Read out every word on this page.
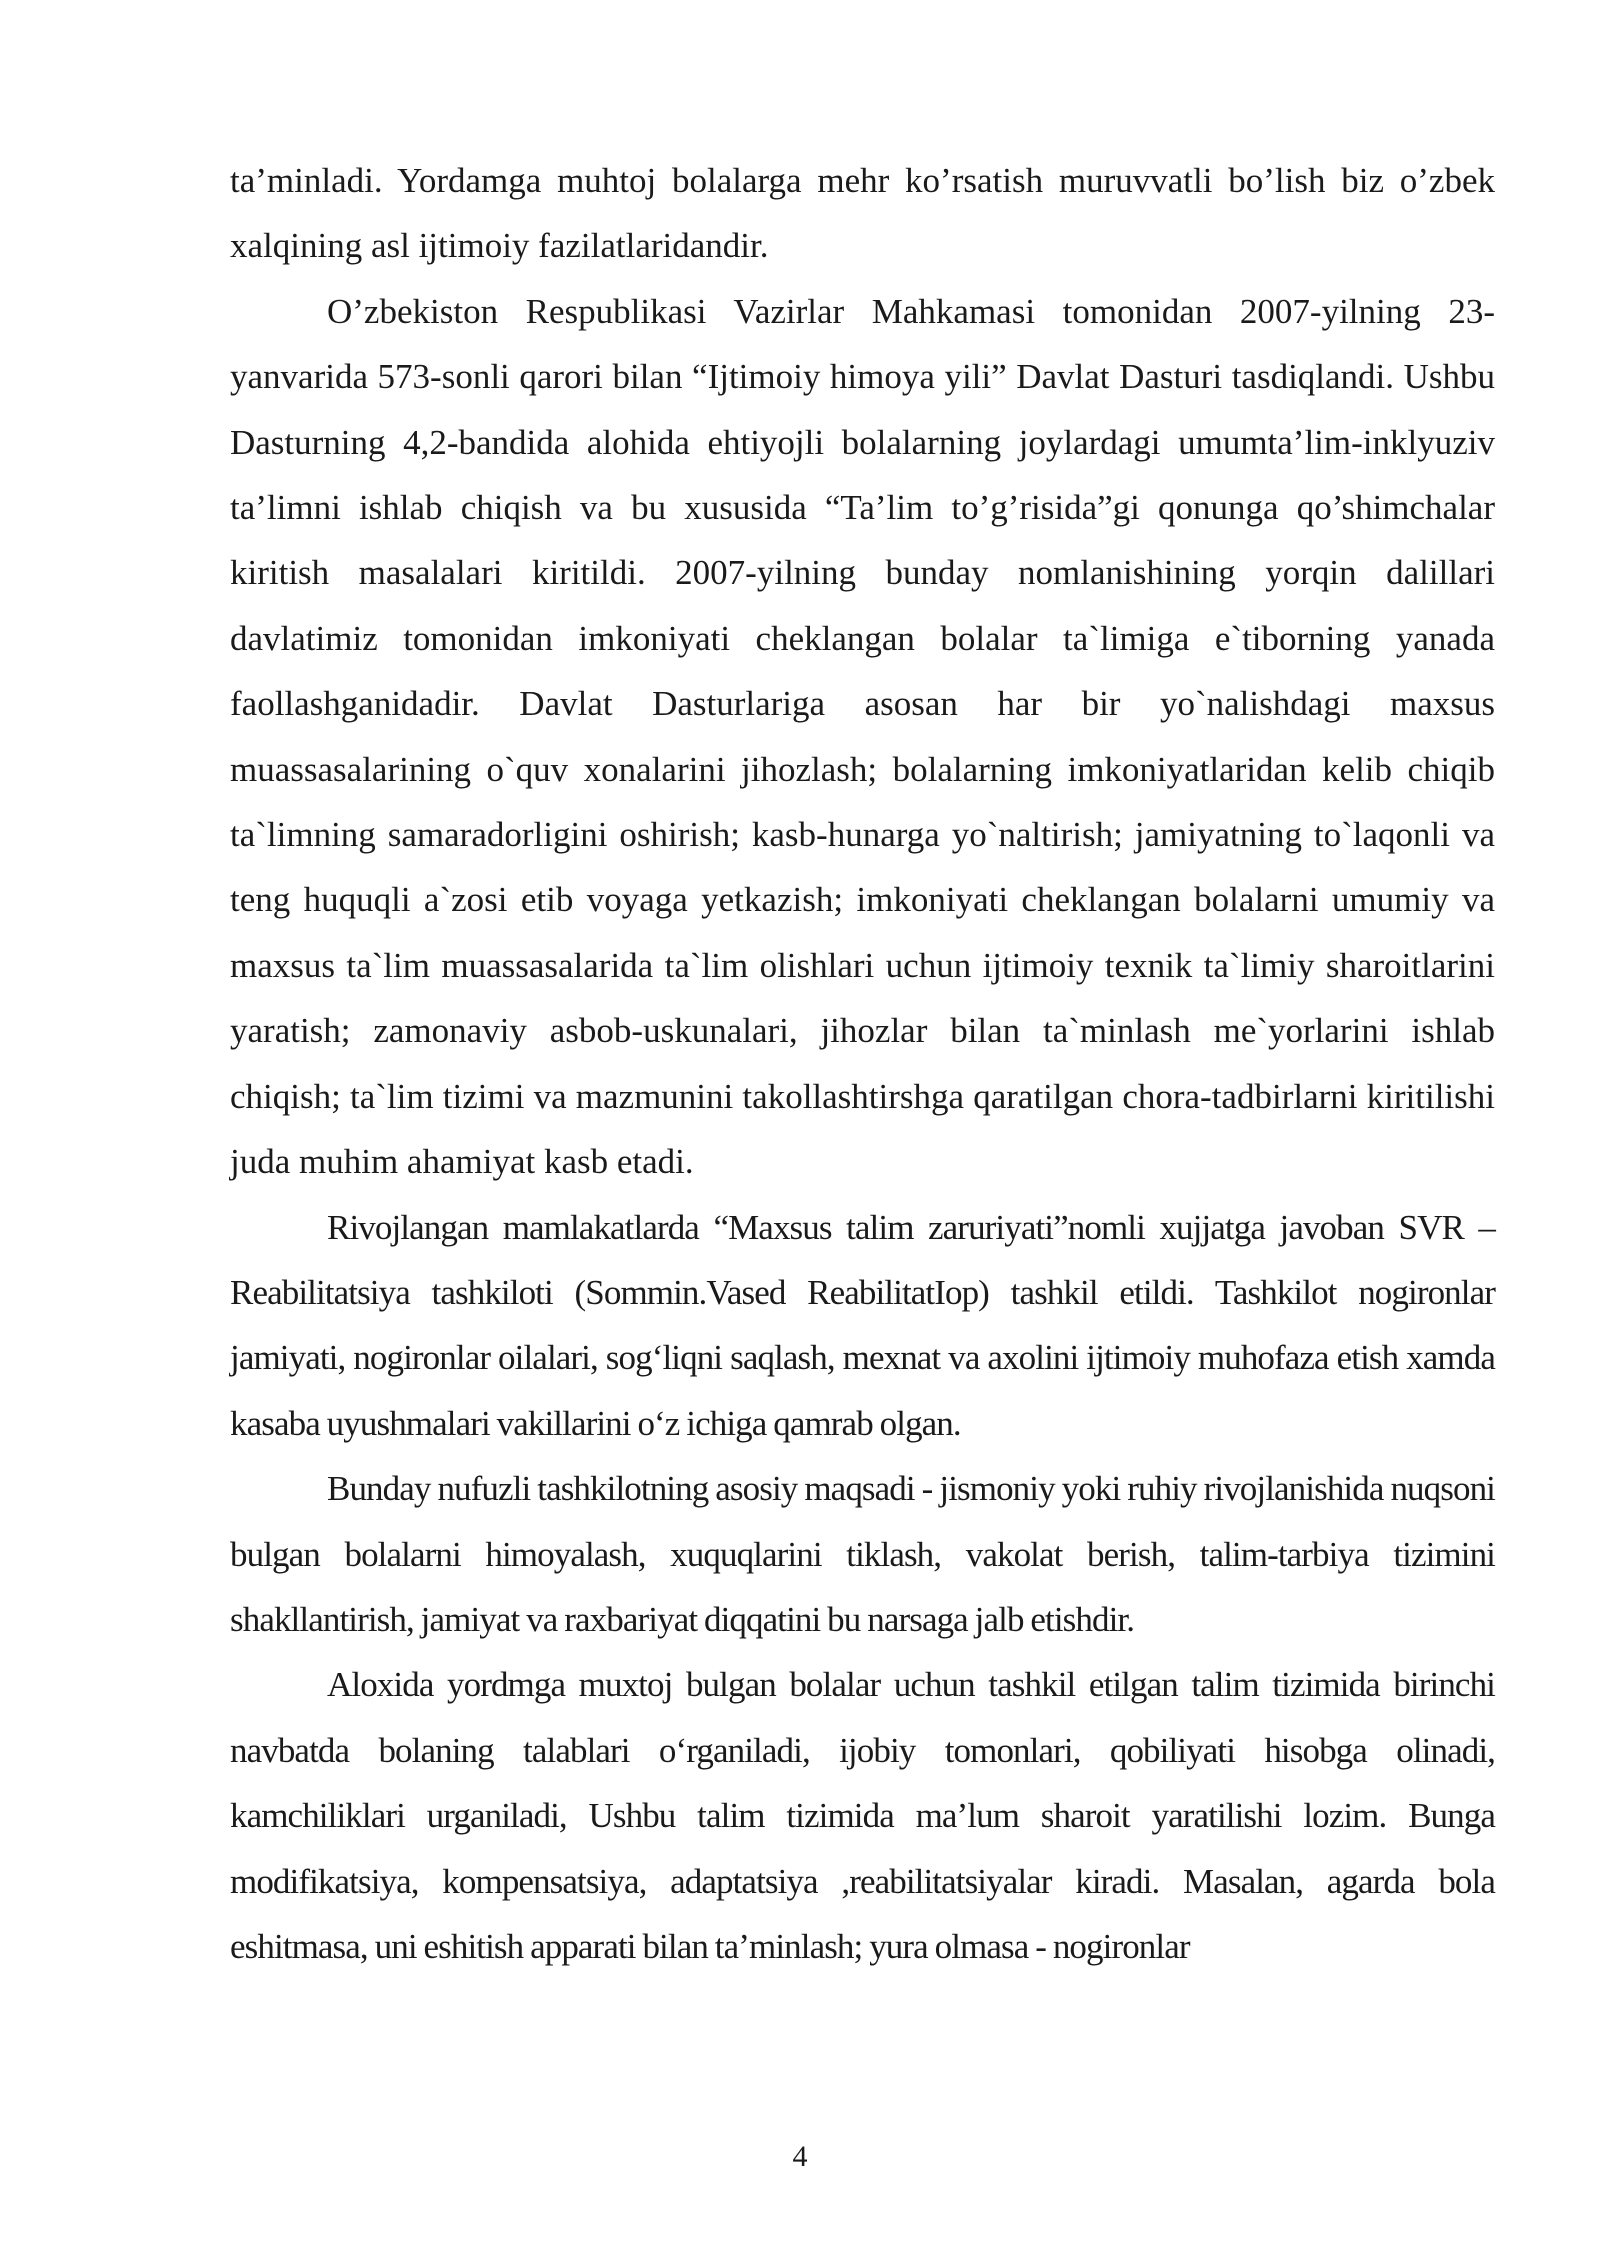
ta’minladi. Yordamga muhtoj bolalarga mehr ko’rsatish muruvvatli bo’lish biz o’zbek xalqining asl ijtimoiy fazilatlaridandir.

O’zbekiston Respublikasi Vazirlar Mahkamasi tomonidan 2007-yilning 23-yanvarida 573-sonli qarori bilan “Ijtimoiy himoya yili” Davlat Dasturi tasdiqlandi. Ushbu Dasturning 4,2-bandida alohida ehtiyojli bolalarning joylardagi umumta’lim-inklyuziv ta’limni ishlab chiqish va bu xususida “Ta’lim to’g’risida”gi qonunga qo’shimchalar kiritish masalalari kiritildi. 2007-yilning bunday nomlanishining yorqin dalillari davlatimiz tomonidan imkoniyati cheklangan bolalar ta`limiga e`tiborning yanada faollashganidadir. Davlat Dasturlariga asosan har bir yo`nalishdagi maxsus muassasalarining o`quv xonalarini jihozlash; bolalarning imkoniyatlaridan kelib chiqib ta`limning samaradorligini oshirish; kasb-hunarga yo`naltirish; jamiyatning to`laqonli va teng huquqli a`zosi etib voyaga yetkazish; imkoniyati cheklangan bolalarni umumiy va maxsus ta`lim muassasalarida ta`lim olishlari uchun ijtimoiy texnik ta`limiy sharoitlarini yaratish; zamonaviy asbob-uskunalari, jihozlar bilan ta`minlash me`yorlarini ishlab chiqish; ta`lim tizimi va mazmunini takollashtirshga qaratilgan chora-tadbirlarni kiritilishi juda muhim ahamiyat kasb etadi.

Rivojlangan mamlakatlarda “Maxsus talim zaruriyati”nomli xujjatga javoban SVR –Reabilitatsiya tashkiloti (Sommin.Vased ReabilitatIop) tashkil etildi. Tashkilot nogironlar jamiyati, nogironlar oilalari, sog‘liqni saqlash, mexnat va axolini ijtimoiy muhofaza etish xamda kasaba uyushmalari vakillarini o‘z ichiga qamrab olgan.

Bunday nufuzli tashkilotning asosiy maqsadi - jismoniy yoki ruhiy rivojlanishida nuqsoni bulgan bolalarni himoyalash, xuquqlarini tiklash, vakolat berish, talim-tarbiya tizimini shakllantirish, jamiyat va raxbariyat diqqatini bu narsaga jalb etishdir.

Aloxida yordmga muxtoj bulgan bolalar uchun tashkil etilgan talim tizimida birinchi navbatda bolaning talablari o‘rganiladi, ijobiy tomonlari, qobiliyati hisobga olinadi, kamchiliklari urganiladi, Ushbu talim tizimida ma’lum sharoit yaratilishi lozim. Bunga modifikatsiya, kompensatsiya, adaptatsiya ,reabilitatsiyalar kiradi. Masalan, agarda bola eshitmasa, uni eshitish apparati bilan ta’minlash; yura olmasa - nogironlar

4
